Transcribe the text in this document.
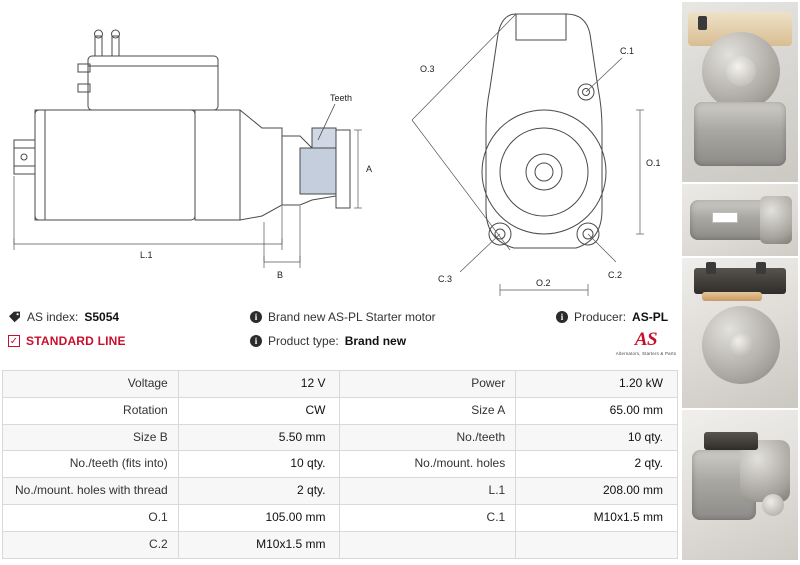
Teeth
A
L.1
B
O.3
C.1
O.1
C.2
C.3	O.2
AS index: S5054
✓ STANDARD LINE
i Brand new AS-PL Starter motor
i Product type: Brand new
i Producer: AS-PL
AS
Alternators, Starters & Parts
Voltage	12 V	Power	1.20 kW
Rotation	CW	Size A	65.00 mm
Size B	5.50 mm	No./teeth	10 qty.
No./teeth (fits into)	10 qty.	No./mount. holes	2 qty.
No./mount. holes with thread	2 qty.	L.1	208.00 mm
O.1	105.00 mm	C.1	M10x1.5 mm
C.2	M10x1.5 mm		
